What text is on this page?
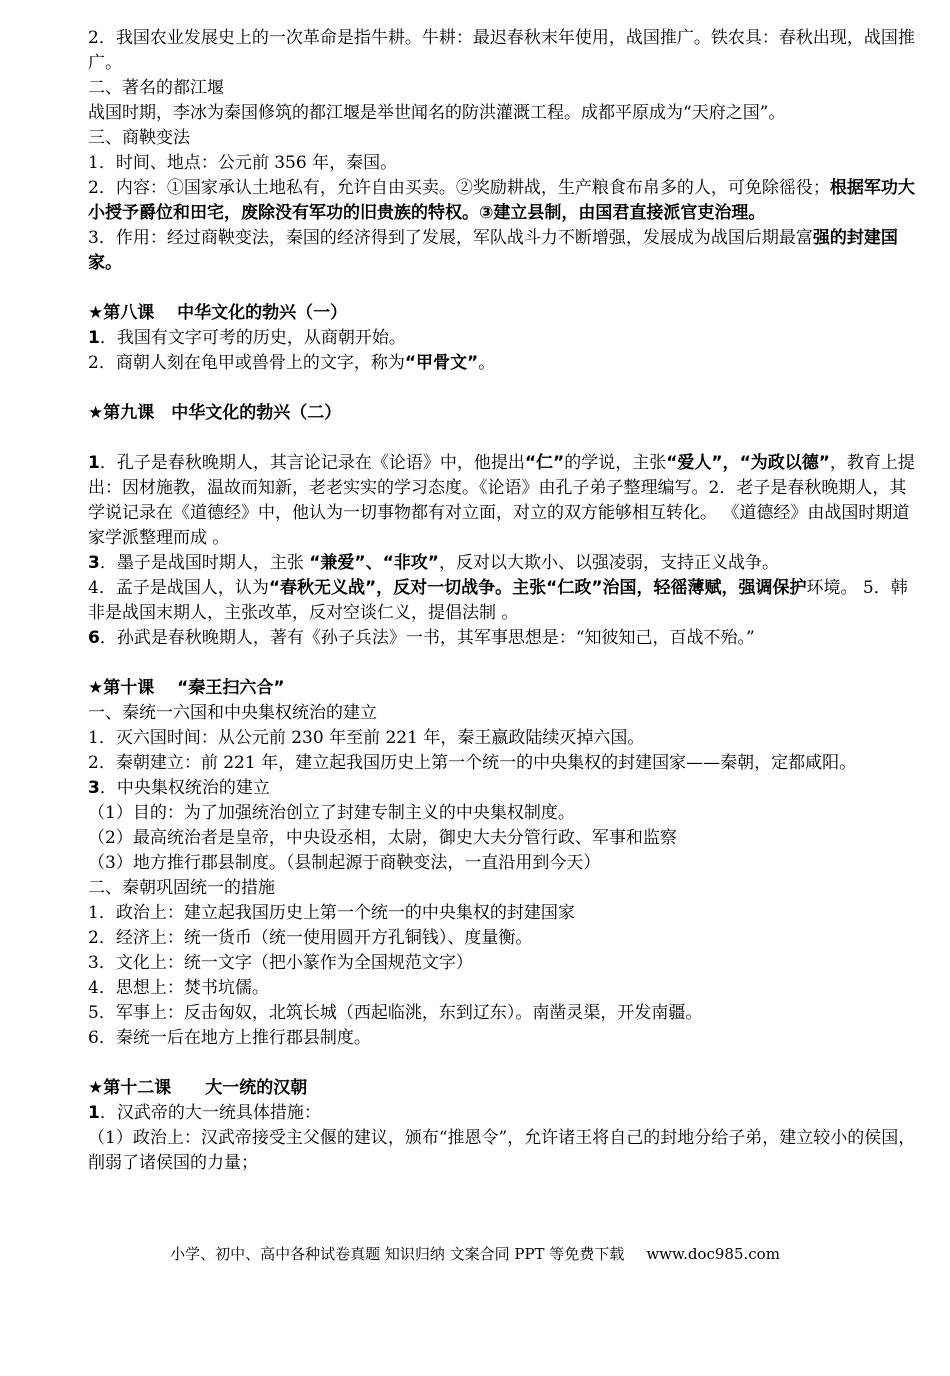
2．我国农业发展史上的一次革命是指牛耕。牛耕：最迟春秋末年使用，战国推广。铁农具：春秋出现，战国推广。
二、著名的都江堰
战国时期，李冰为秦国修筑的都江堰是举世闻名的防洪灌溉工程。成都平原成为“天府之国”。
三、商鞅变法
1．时间、地点：公元前 356 年，秦国。
2．内容：①国家承认土地私有，允许自由买卖。②奖励耕战，生产粮食布帛多的人，可免除徭役；根据军功大小授予爵位和田宅，废除没有军功的旧贵族的特权。③建立县制，由国君直接派官吏治理。
3．作用：经过商鞅变法，秦国的经济得到了发展，军队战斗力不断增强，发展成为战国后期最富强的封建国家。
★第八课　 中华文化的勃兴（一）
1．我国有文字可考的历史，从商朝开始。
2．商朝人刻在龟甲或兽骨上的文字，称为“甲骨文”。
★第九课　中华文化的勃兴（二）
1．孔子是春秋晚期人，其言论记录在《论语》中，他提出“仁”的学说，主张“爱人”，“为政以德”，教育上提出：因材施教，温故而知新，老老实实的学习态度。《论语》由孔子弟子整理编写。2．老子是春秋晚期人，其学说记录在《道德经》中，他认为一切事物都有对立面，对立的双方能够相互转化。 《道德经》由战国时期道家学派整理而成 。
3．墨子是战国时期人，主张 “兼爱”、“非攻”，反对以大欺小、以强凌弱，支持正义战争。
4．孟子是战国人，认为“春秋无义战”，反对一切战争。主张“仁政”治国，轻徭薄赋，强调保护环境。 5．韩非是战国末期人，主张改革，反对空谈仁义，提倡法制 。
6．孙武是春秋晚期人，著有《孙子兵法》一书，其军事思想是：“知彼知己，百战不殆。”
★第十课　 “秦王扫六合”
一、秦统一六国和中央集权统治的建立
1．灭六国时间：从公元前 230 年至前 221 年，秦王嬴政陆续灭掉六国。
2．秦朝建立：前 221 年，建立起我国历史上第一个统一的中央集权的封建国家——秦朝，定都咸阳。
3．中央集权统治的建立
（1）目的：为了加强统治创立了封建专制主义的中央集权制度。
（2）最高统治者是皇帝，中央设丞相，太尉，御史大夫分管行政、军事和监察
（3）地方推行郡县制度。（县制起源于商鞅变法，一直沿用到今天）
二、秦朝巩固统一的措施
1．政治上：建立起我国历史上第一个统一的中央集权的封建国家
2．经济上：统一货币（统一使用圆开方孔铜钱）、度量衡。
3．文化上：统一文字（把小篆作为全国规范文字）
4．思想上：焚书坑儒。
5．军事上：反击匈奴，北筑长城（西起临洮，东到辽东）。南凿灵渠，开发南疆。
6．秦统一后在地方上推行郡县制度。
★第十二课　　大一统的汉朝
1．汉武帝的大一统具体措施：
（1）政治上：汉武帝接受主父偃的建议，颁布“推恩令”，允许诸王将自己的封地分给子弟，建立较小的侯国，削弱了诸侯国的力量；
小学、初中、高中各种试卷真题 知识归纳 文案合同 PPT 等免费下载 www.doc985.com
